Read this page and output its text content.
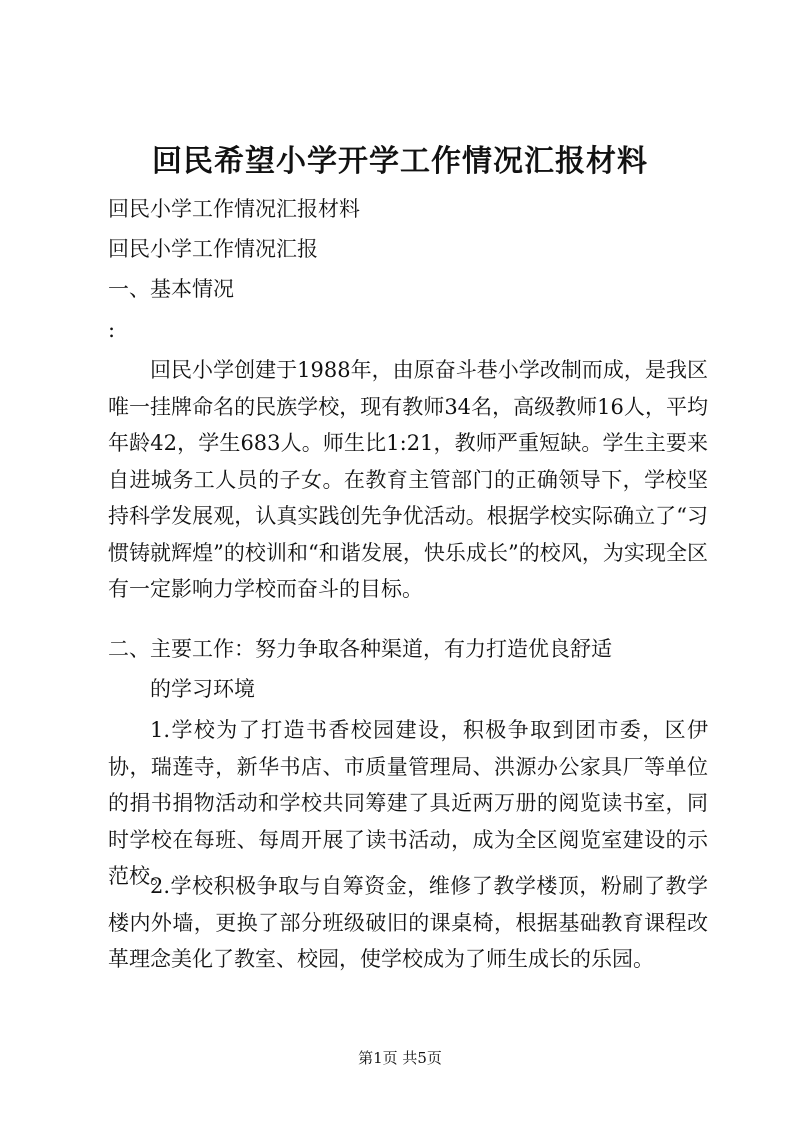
回民希望小学开学工作情况汇报材料
回民小学工作情况汇报材料
回民小学工作情况汇报
一、基本情况
:
回民小学创建于1988年，由原奋斗巷小学改制而成，是我区唯一挂牌命名的民族学校，现有教师34名，高级教师16人，平均年龄42，学生683人。师生比1:21，教师严重短缺。学生主要来自进城务工人员的子女。在教育主管部门的正确领导下，学校坚持科学发展观，认真实践创先争优活动。根据学校实际确立了“习惯铸就辉煌”的校训和“和谐发展，快乐成长”的校风，为实现全区有一定影响力学校而奋斗的目标。
二、主要工作：努力争取各种渠道，有力打造优良舒适
的学习环境
1.学校为了打造书香校园建设，积极争取到团市委，区伊协，瑞莲寺，新华书店、市质量管理局、洪源办公家具厂等单位的捐书捐物活动和学校共同筹建了具近两万册的阅览读书室，同时学校在每班、每周开展了读书活动，成为全区阅览室建设的示范校。
2.学校积极争取与自筹资金，维修了教学楼顶，粉刷了教学楼内外墙，更换了部分班级破旧的课桌椅，根据基础教育课程改革理念美化了教室、校园，使学校成为了师生成长的乐园。
第1页 共5页
